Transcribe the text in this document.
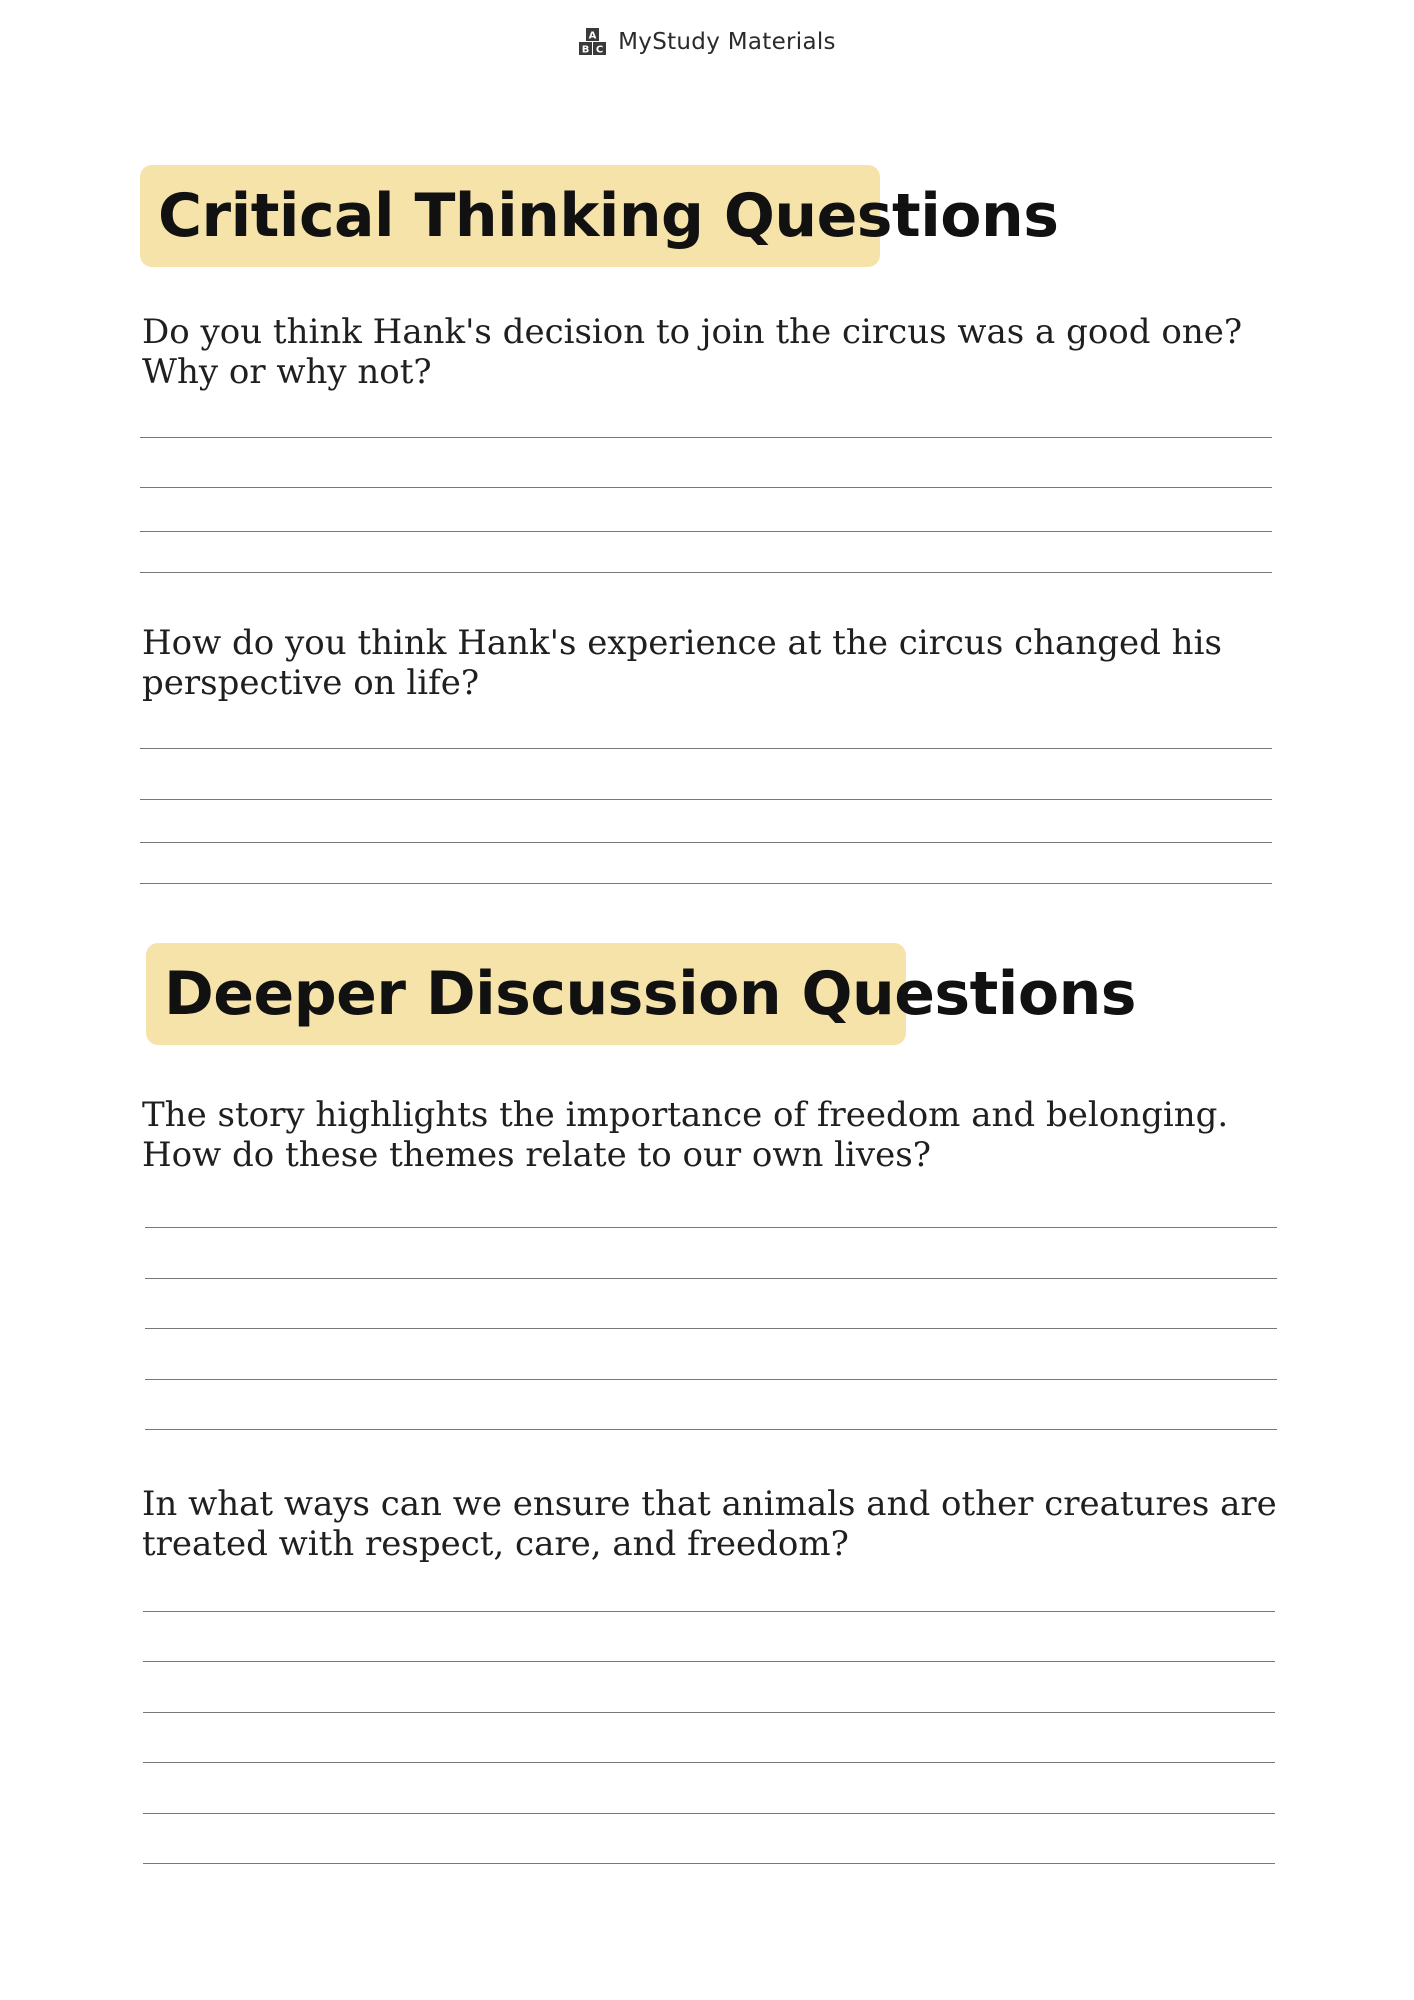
A
B C MyStudy Materials
Critical Thinking Questions

Do you think Hank's decision to join the circus was a good one? Why or why not?

How do you think Hank's experience at the circus changed his perspective on life?

Deeper Discussion Questions

The story highlights the importance of freedom and belonging. How do these themes relate to our own lives?

In what ways can we ensure that animals and other creatures are treated with respect, care, and freedom?
